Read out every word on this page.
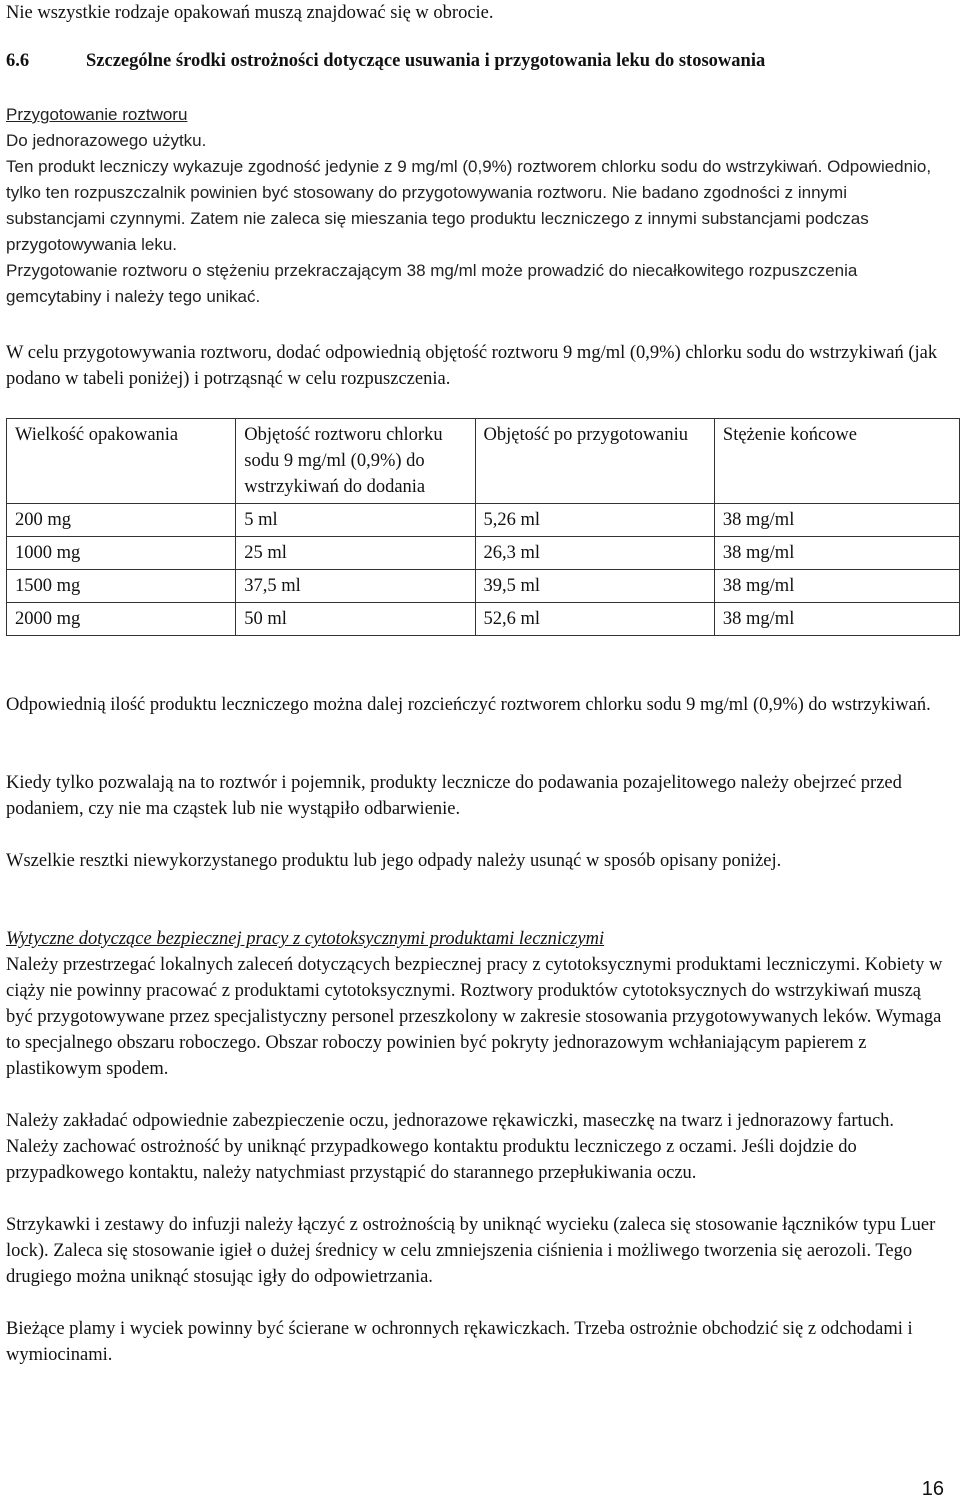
Nie wszystkie rodzaje opakowań muszą znajdować się w obrocie.
6.6	Szczególne środki ostrożności dotyczące usuwania i przygotowania leku do stosowania
Przygotowanie roztworu
Do jednorazowego użytku.
Ten produkt leczniczy wykazuje zgodność jedynie z 9 mg/ml (0,9%) roztworem chlorku sodu do wstrzykiwań. Odpowiednio, tylko ten rozpuszczalnik powinien być stosowany do przygotowywania roztworu. Nie badano zgodności z innymi substancjami czynnymi. Zatem nie zaleca się mieszania tego produktu leczniczego z innymi substancjami podczas przygotowywania leku.
Przygotowanie roztworu o stężeniu przekraczającym 38 mg/ml może prowadzić do niecałkowitego rozpuszczenia gemcytabiny i należy tego unikać.
W celu przygotowywania roztworu, dodać odpowiednią objętość roztworu 9 mg/ml (0,9%) chlorku sodu do wstrzykiwań (jak podano w tabeli poniżej) i potrząsnąć w celu rozpuszczenia.
Wielkość opakowania	Objętość roztworu chlorku sodu 9 mg/ml (0,9%) do wstrzykiwań do dodania	Objętość po przygotowaniu	Stężenie końcowe
200 mg	5 ml	5,26 ml	38 mg/ml
1000 mg	25 ml	26,3 ml	38 mg/ml
1500 mg	37,5 ml	39,5 ml	38 mg/ml
2000 mg	50 ml	52,6 ml	38 mg/ml
Odpowiednią ilość produktu leczniczego można dalej rozcieńczyć roztworem chlorku sodu 9 mg/ml (0,9%) do wstrzykiwań.
Kiedy tylko pozwalają na to roztwór i pojemnik, produkty lecznicze do podawania pozajelitowego należy obejrzeć przed podaniem, czy nie ma cząstek lub nie wystąpiło odbarwienie.
Wszelkie resztki niewykorzystanego produktu lub jego odpady należy usunąć w sposób opisany poniżej.
Wytyczne dotyczące bezpiecznej pracy z cytotoksycznymi produktami leczniczymi
Należy przestrzegać lokalnych zaleceń dotyczących bezpiecznej pracy z cytotoksycznymi produktami leczniczymi. Kobiety w ciąży nie powinny pracować z produktami cytotoksycznymi. Roztwory produktów cytotoksycznych do wstrzykiwań muszą być przygotowywane przez specjalistyczny personel przeszkolony w zakresie stosowania przygotowywanych leków. Wymaga to specjalnego obszaru roboczego. Obszar roboczy powinien być pokryty jednorazowym wchłaniającym papierem z plastikowym spodem.
Należy zakładać odpowiednie zabezpieczenie oczu, jednorazowe rękawiczki, maseczkę na twarz i jednorazowy fartuch. Należy zachować ostrożność by uniknąć przypadkowego kontaktu produktu leczniczego z oczami. Jeśli dojdzie do przypadkowego kontaktu, należy natychmiast przystąpić do starannego przepłukiwania oczu.
Strzykawki i zestawy do infuzji należy łączyć z ostrożnością by uniknąć wycieku (zaleca się stosowanie łączników typu Luer lock). Zaleca się stosowanie igieł o dużej średnicy w celu zmniejszenia ciśnienia i możliwego tworzenia się aerozoli. Tego drugiego można uniknąć stosując igły do odpowietrzania.
Bieżące plamy i wyciek powinny być ścierane w ochronnych rękawiczkach. Trzeba ostrożnie obchodzić się z odchodami i wymiocinami.
16
